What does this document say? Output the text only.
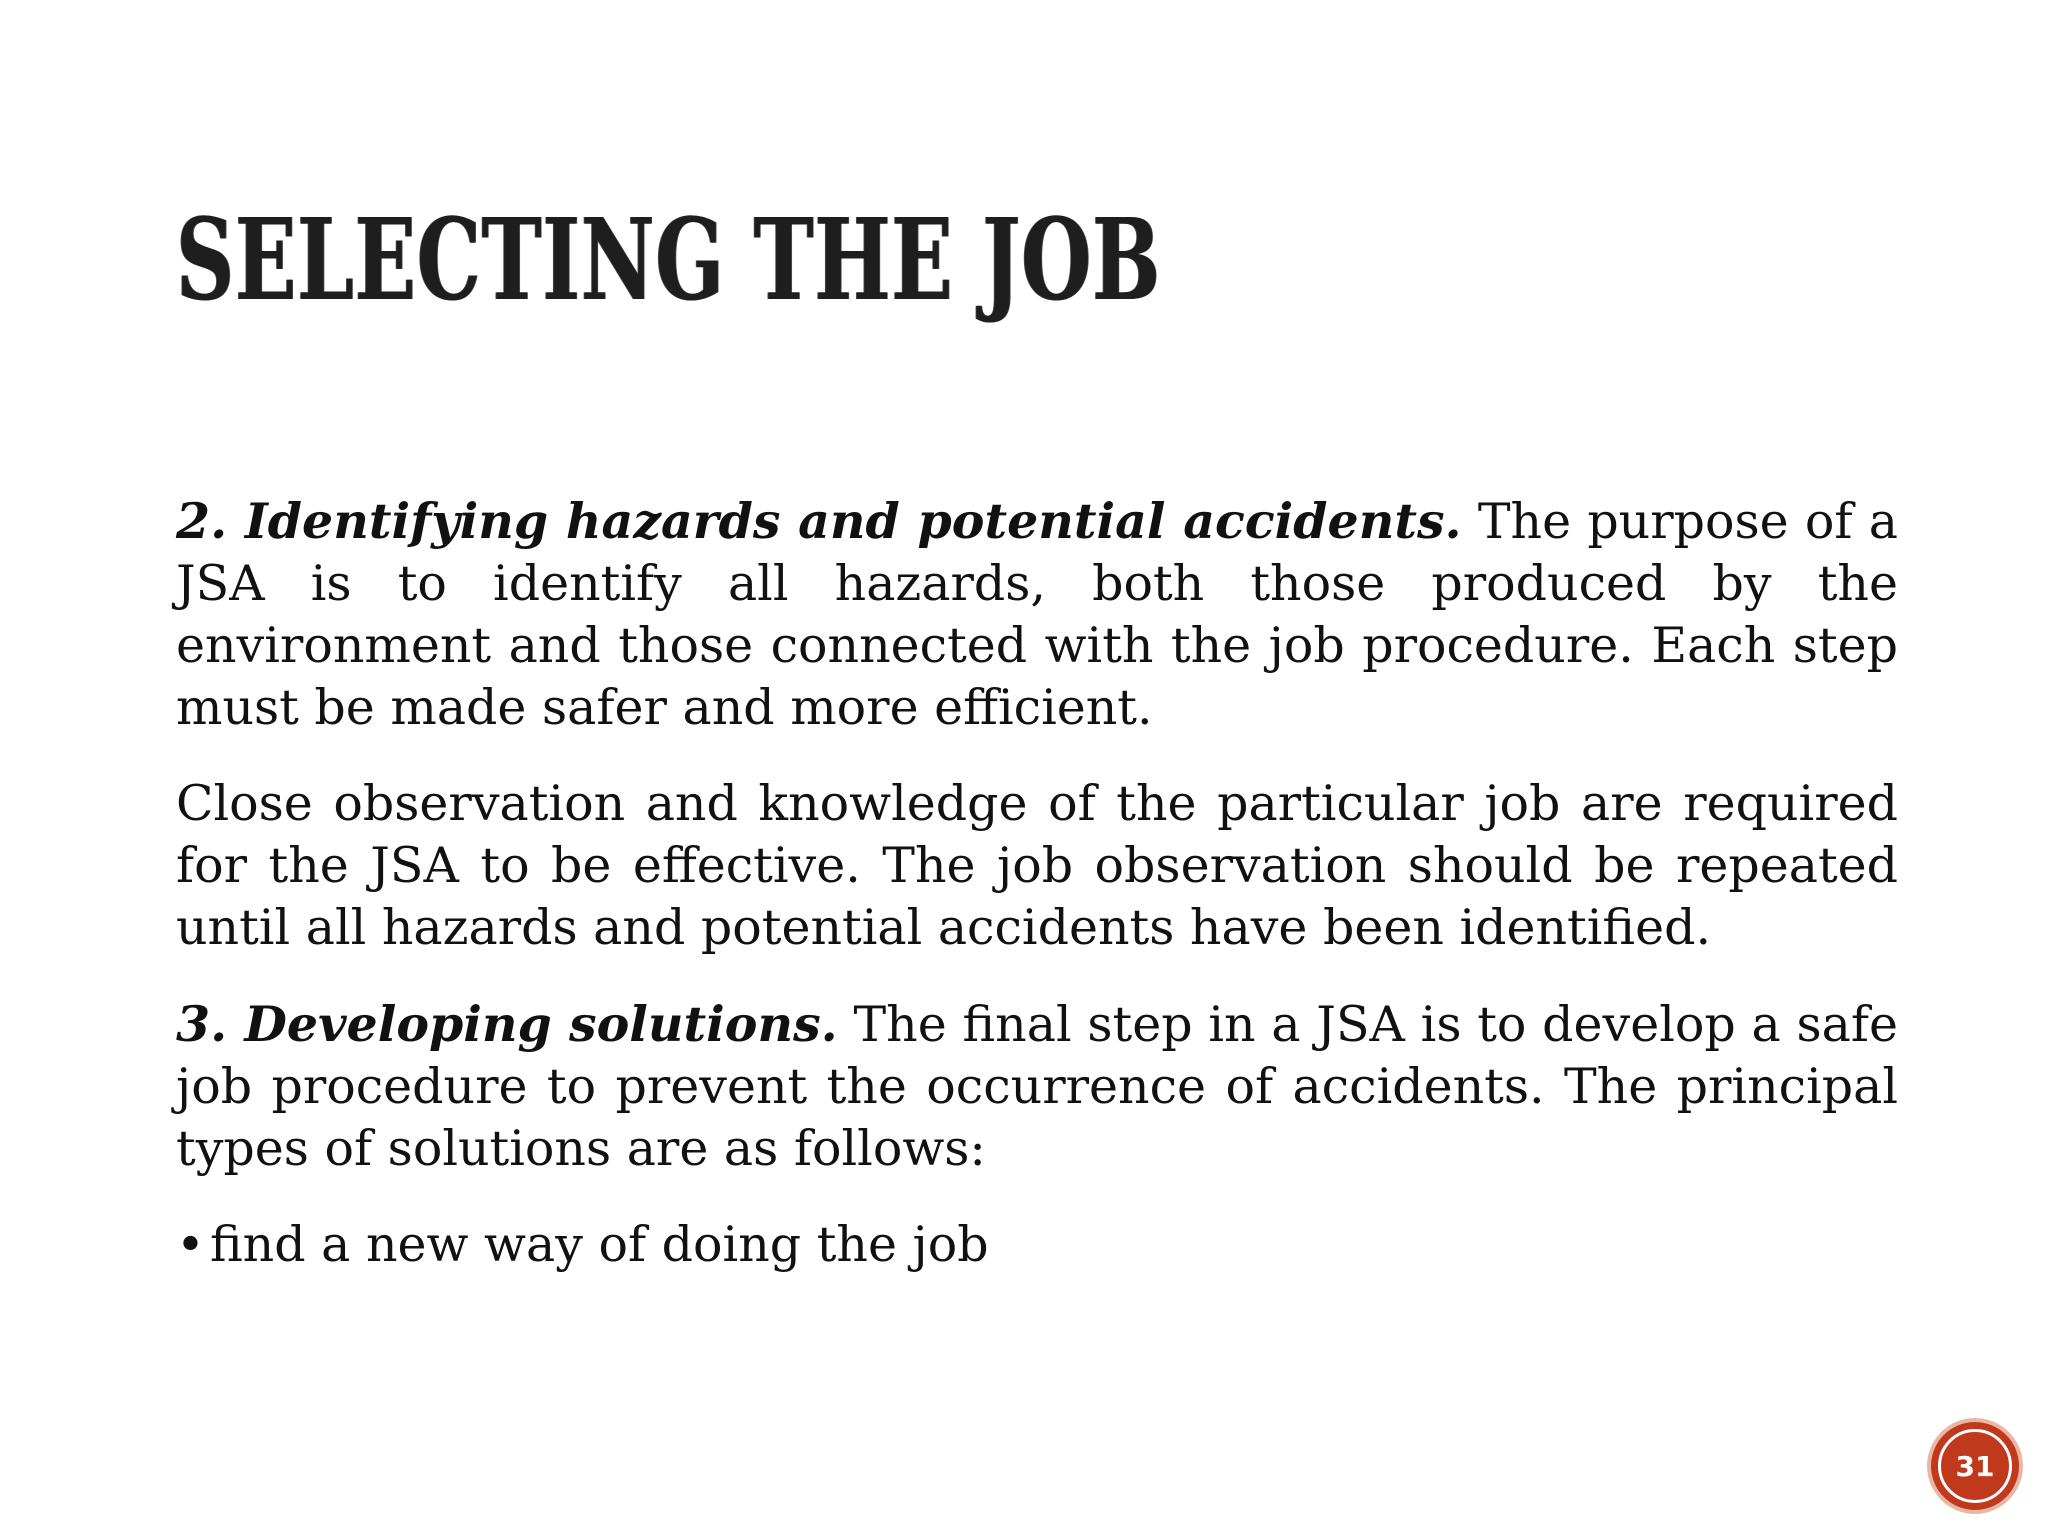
SELECTING THE JOB

2. Identifying hazards and potential accidents. The purpose of a JSA is to identify all hazards, both those produced by the environment and those connected with the job procedure. Each step must be made safer and more efficient.

Close observation and knowledge of the particular job are required for the JSA to be effective. The job observation should be repeated until all hazards and potential accidents have been identified.

3. Developing solutions. The final step in a JSA is to develop a safe job procedure to prevent the occurrence of accidents. The principal types of solutions are as follows:

• find a new way of doing the job
31
